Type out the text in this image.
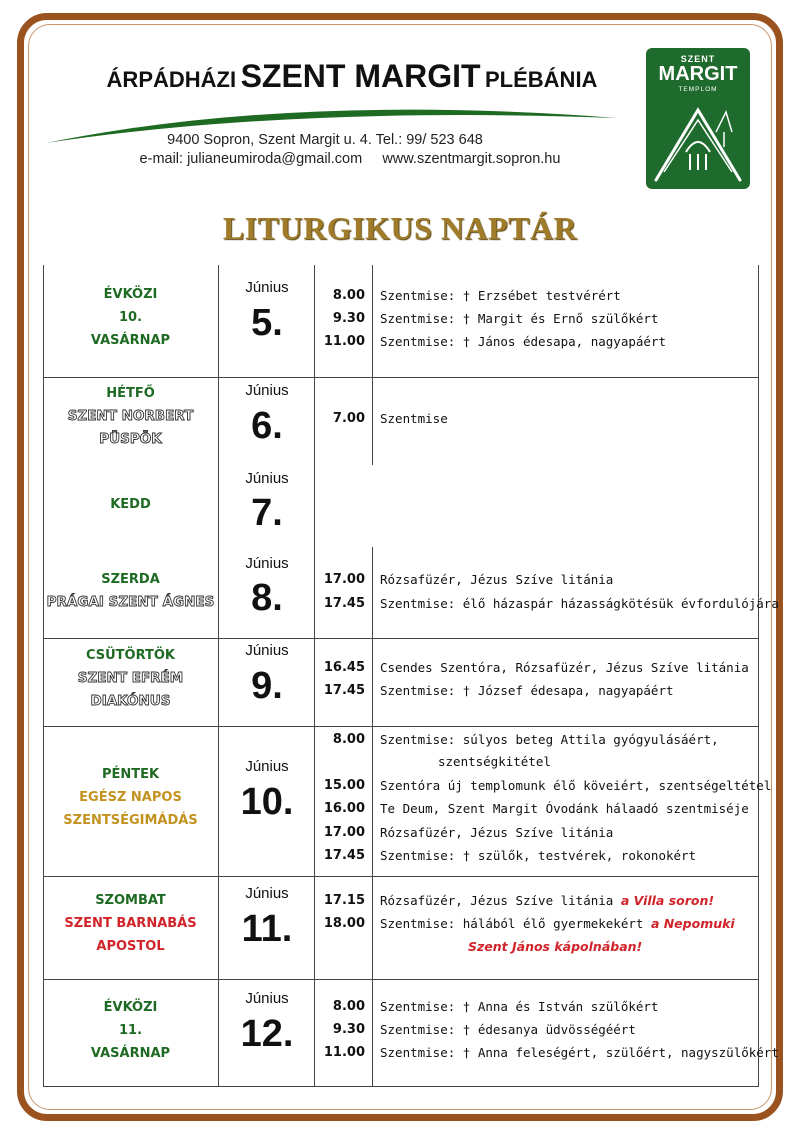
ÁRPÁDHÁZI SZENT MARGIT PLÉBÁNIA
9400 Sopron, Szent Margit u. 4. Tel.: 99/ 523 648
e-mail: julianeumiroda@gmail.com     www.szentmargit.sopron.hu
SZENT
MARGIT
TEMPLOM
LITURGIKUS NAPTÁR
ÉVKÖZI
10.
VASÁRNAP
Június
5.
8.00 Szentmise: † Erzsébet testvérért
9.30 Szentmise: † Margit és Ernő szülőkért
11.00 Szentmise: † János édesapa, nagyapáért
HÉTFŐ
SZENT NORBERT
PÜSPÖK
Június
6.	7.00 Szentmise
KEDD
Június
7.
SZERDA
PRÁGAI SZENT ÁGNES
Június
8.	17.00 Rózsafüzér, Jézus Szíve litánia
17.45 Szentmise: élő házaspár házasságkötésük évfordulójára
CSÜTÖRTÖK
SZENT EFRÉM
DIAKÓNUS
Június
9.	16.45 Csendes Szentóra, Rózsafüzér, Jézus Szíve litánia
17.45 Szentmise: † József édesapa, nagyapáért
PÉNTEK
EGÉSZ NAPOS
SZENTSÉGIMÁDÁS
Június
10.
8.00 Szentmise: súlyos beteg Attila gyógyulásáért,
szentségkitétel
15.00 Szentóra új templomunk élő köveiért, szentségeltétel
16.00 Te Deum, Szent Margit Óvodánk hálaadó szentmiséje
17.00 Rózsafüzér, Jézus Szíve litánia
17.45 Szentmise: † szülők, testvérek, rokonokért
SZOMBAT
SZENT BARNABÁS
APOSTOL
Június
11.
17.15 Rózsafüzér, Jézus Szíve litánia a Villa soron!
18.00 Szentmise: hálából élő gyermekekért a Nepomuki
Szent János kápolnában!
ÉVKÖZI
11.
VASÁRNAP
Június
12.
8.00 Szentmise: † Anna és István szülőkért
9.30 Szentmise: † édesanya üdvösségéért
11.00 Szentmise: † Anna feleségért, szülőért, nagyszülőkért
